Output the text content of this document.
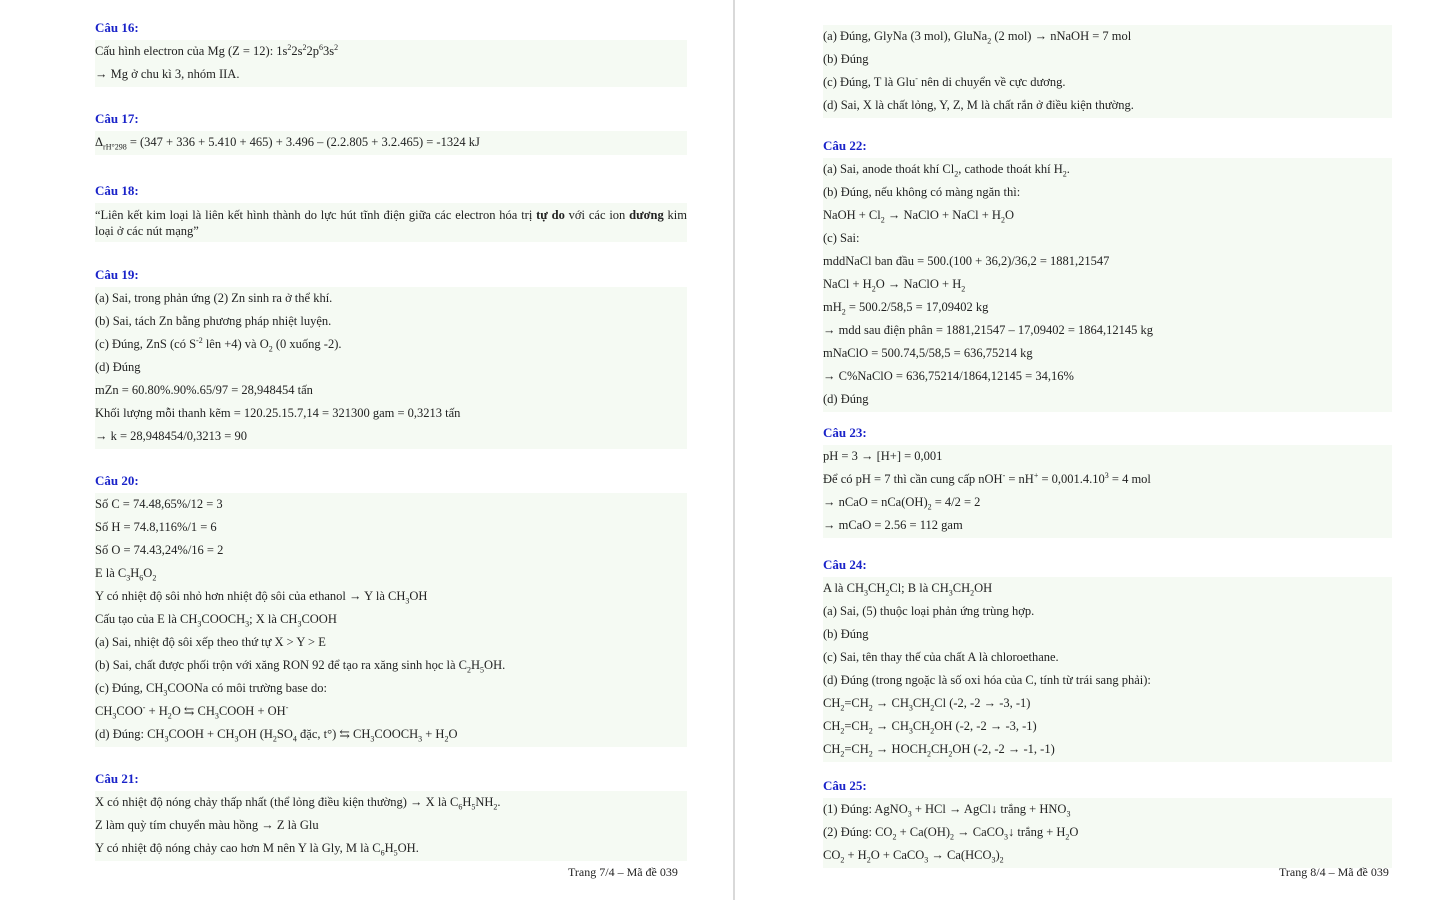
Câu 16:
Cấu hình electron của Mg (Z = 12): $1s^22s^22p^63s^2$
→ Mg ở chu kì 3, nhóm IIA.
Câu 17:
$\Delta_{rH^\circ 298} = (347 + 336 + 5.410 + 465) + 3.496 - (2.2.805 + 3.2.465) = -1324$ kJ
Câu 18:
“Liên kết kim loại là liên kết hình thành do lực hút tĩnh điện giữa các electron hóa trị tự do với các ion dương kim loại ở các nút mạng”
Câu 19:
(a) Sai, trong phản ứng (2) Zn sinh ra ở thể khí.
(b) Sai, tách Zn bằng phương pháp nhiệt luyện.
(c) Đúng, ZnS (có $S^{-2}$ lên +4) và $O_2$ (0 xuống -2).
(d) Đúng
mZn = 60.80%.90%.65/97 = 28,948454 tấn
Khối lượng mỗi thanh kẽm = 120.25.15.7,14 = 321300 gam = 0,3213 tấn
→ k = 28,948454/0,3213 = 90
Câu 20:
Số C = 74.48,65%/12 = 3
Số H = 74.8,116%/1 = 6
Số O = 74.43,24%/16 = 2
E là $C_3H_6O_2$
Y có nhiệt độ sôi nhỏ hơn nhiệt độ sôi của ethanol → Y là $CH_3OH$
Cấu tạo của E là $CH_3COOCH_3$; X là $CH_3COOH$
(a) Sai, nhiệt độ sôi xếp theo thứ tự X > Y > E
(b) Sai, chất được phối trộn với xăng RON 92 để tạo ra xăng sinh học là $C_2H_5OH$.
(c) Đúng, $CH_3COONa$ có môi trường base do:
$CH_3COO^- + H_2O$ ⇆ $CH_3COOH + OH^-$
(d) Đúng: $CH_3COOH + CH_3OH$ ($H_2SO_4$ đặc, t°) ⇆ $CH_3COOCH_3 + H_2O$
Câu 21:
X có nhiệt độ nóng chảy thấp nhất (thể lỏng điều kiện thường) → X là $C_6H_5NH_2$.
Z làm quỳ tím chuyển màu hồng → Z là Glu
Y có nhiệt độ nóng chảy cao hơn M nên Y là Gly, M là $C_6H_5OH$.
Trang 7/4 – Mã đề 039
(a) Đúng, GlyNa (3 mol), GluNa$_2$ (2 mol) → nNaOH = 7 mol
(b) Đúng
(c) Đúng, T là Glu- nên di chuyển về cực dương.
(d) Sai, X là chất lỏng, Y, Z, M là chất rắn ở điều kiện thường.
Câu 22:
(a) Sai, anode thoát khí $Cl_2$, cathode thoát khí $H_2$.
(b) Đúng, nếu không có màng ngăn thì:
NaOH + $Cl_2$ → NaClO + NaCl + $H_2O$
(c) Sai:
mddNaCl ban đầu = 500.(100 + 36,2)/36,2 = 1881,21547
NaCl + $H_2O$ → NaClO + $H_2$
$mH_2 = 500.2/58,5 = 17,09402$ kg
→ mdd sau điện phân = 1881,21547 – 17,09402 = 1864,12145 kg
mNaClO = 500.74,5/58,5 = 636,75214 kg
→ C%NaClO = 636,75214/1864,12145 = 34,16%
(d) Đúng
Câu 23:
pH = 3 → [H+] = 0,001
Để có pH = 7 thì cần cung cấp $nOH^- = nH^+ = 0,001.4.10^3 = 4$ mol
→ nCaO = $nCa(OH)_2 = 4/2 = 2$
→ mCaO = 2.56 = 112 gam
Câu 24:
A là $CH_3CH_2Cl$; B là $CH_3CH_2OH$
(a) Sai, (5) thuộc loại phản ứng trùng hợp.
(b) Đúng
(c) Sai, tên thay thế của chất A là chloroethane.
(d) Đúng (trong ngoặc là số oxi hóa của C, tính từ trái sang phải):
$CH_2=CH_2 \to CH_3CH_2Cl$ (-2, -2 → -3, -1)
$CH_2=CH_2 \to CH_3CH_2OH$ (-2, -2 → -3, -1)
$CH_2=CH_2$ → $HOCH_2CH_2OH$ (-2, -2 → -1, -1)
Câu 25:
(1) Đúng: AgNO$_3$ + HCl → AgCl↓ trắng + $HNO_3$
(2) Đúng: $CO_2 + Ca(OH)_2$ → CaCO$_3$↓ trắng + $H_2O$
$CO_2 + H_2O$ + CaCO$_3$ → $Ca(HCO_3)_2$
Trang 8/4 – Mã đề 039
